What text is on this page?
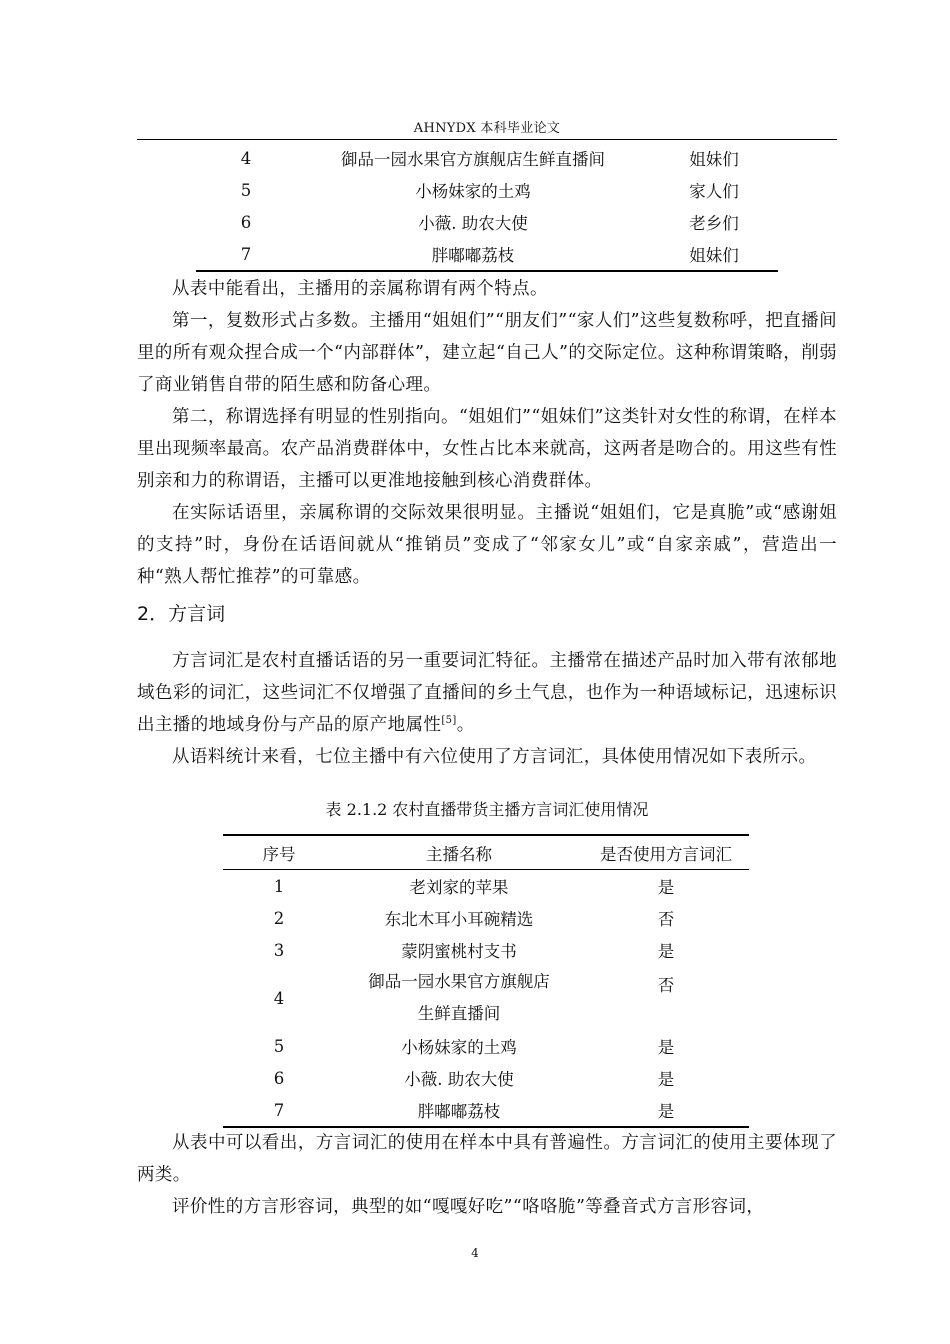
AHNYDX 本科毕业论文
4	御品一园水果官方旗舰店生鲜直播间	姐妹们
5	小杨妹家的土鸡	家人们
6	小薇. 助农大使	老乡们
7	胖嘟嘟荔枝	姐妹们

从表中能看出，主播用的亲属称谓有两个特点。

第一，复数形式占多数。主播用“姐姐们”“朋友们”“家人们”这些复数称呼，把直播间里的所有观众捏合成一个“内部群体”，建立起“自己人”的交际定位。这种称谓策略，削弱了商业销售自带的陌生感和防备心理。

第二，称谓选择有明显的性别指向。“姐姐们”“姐妹们”这类针对女性的称谓，在样本里出现频率最高。农产品消费群体中，女性占比本来就高，这两者是吻合的。用这些有性别亲和力的称谓语，主播可以更准地接触到核心消费群体。

在实际话语里，亲属称谓的交际效果很明显。主播说“姐姐们，它是真脆”或“感谢姐的支持”时，身份在话语间就从“推销员”变成了“邻家女儿”或“自家亲戚”，营造出一种“熟人帮忙推荐”的可靠感。

2．方言词

方言词汇是农村直播话语的另一重要词汇特征。主播常在描述产品时加入带有浓郁地域色彩的词汇，这些词汇不仅增强了直播间的乡土气息，也作为一种语域标记，迅速标识出主播的地域身份与产品的原产地属性[5]。

从语料统计来看，七位主播中有六位使用了方言词汇，具体使用情况如下表所示。

表 2.1.2 农村直播带货主播方言词汇使用情况
序号	主播名称	是否使用方言词汇
1	老刘家的苹果	是
2	东北木耳小耳碗精选	否
3	蒙阴蜜桃村支书	是
4	御品一园水果官方旗舰店
生鲜直播间	否
5	小杨妹家的土鸡	是
6	小薇. 助农大使	是
7	胖嘟嘟荔枝	是

从表中可以看出，方言词汇的使用在样本中具有普遍性。方言词汇的使用主要体现了两类。

评价性的方言形容词，典型的如“嘎嘎好吃”“咯咯脆”等叠音式方言形容词，

4
